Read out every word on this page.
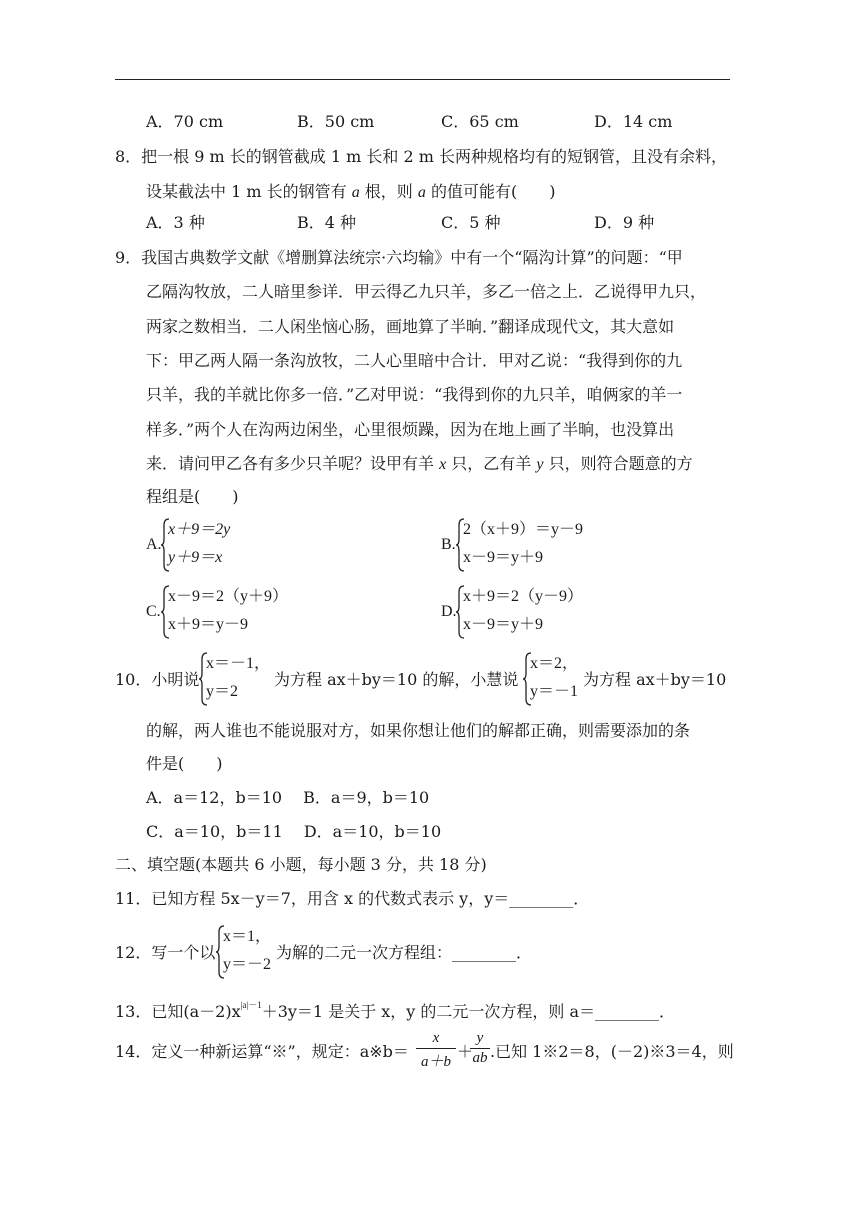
A．70 cm	B．50 cm	C．65 cm	D．14 cm
8．把一根 9 m 长的钢管截成 1 m 长和 2 m 长两种规格均有的短钢管，且没有余料，
设某截法中 1 m 长的钢管有 a 根，则 a 的值可能有(　　)
A．3 种	B．4 种	C．5 种	D．9 种
9．我国古典数学文献《增删算法统宗·六均输》中有一个“隔沟计算”的问题：“甲
乙隔沟牧放，二人暗里参详．甲云得乙九只羊，多乙一倍之上．乙说得甲九只，
两家之数相当．二人闲坐恼心肠，画地算了半晌．”翻译成现代文，其大意如
下：甲乙两人隔一条沟放牧，二人心里暗中合计．甲对乙说：“我得到你的九
只羊，我的羊就比你多一倍．”乙对甲说：“我得到你的九只羊，咱俩家的羊一
样多．”两个人在沟两边闲坐，心里很烦躁，因为在地上画了半晌，也没算出
来．请问甲乙各有多少只羊呢？设甲有羊 x 只，乙有羊 y 只，则符合题意的方
程组是(　　)
A.
x＋9＝2y
y＋9＝x
B.
2（x＋9）＝y－9
x－9＝y＋9
C.
x－9＝2（y＋9）
x＋9＝y－9
D.
x＋9＝2（y－9）
x－9＝y＋9
10．小明说
x＝－1，
y＝2
为方程 ax＋by＝10 的解，小慧说
x＝2，
y＝－1
为方程 ax＋by＝10
的解，两人谁也不能说服对方，如果你想让他们的解都正确，则需要添加的条
件是(　　)
A．a＝12，b＝10　 B．a＝9，b＝10
C．a＝10，b＝11　 D．a＝10，b＝10
二、填空题(本题共 6 小题，每小题 3 分，共 18 分)
11．已知方程 5x－y＝7，用含 x 的代数式表示 y，y＝________．
12．写一个以
x＝1，
y＝－2
为解的二元一次方程组：________．
13．已知$(a-2)x^{|a|-1}+3y=1$ 是关于 x，y 的二元一次方程，则 a＝________．
14．定义一种新运算“※”，规定：a※b＝
x
a＋b
＋
y
ab .已知 1※2＝8，(－2)※3＝4，则
